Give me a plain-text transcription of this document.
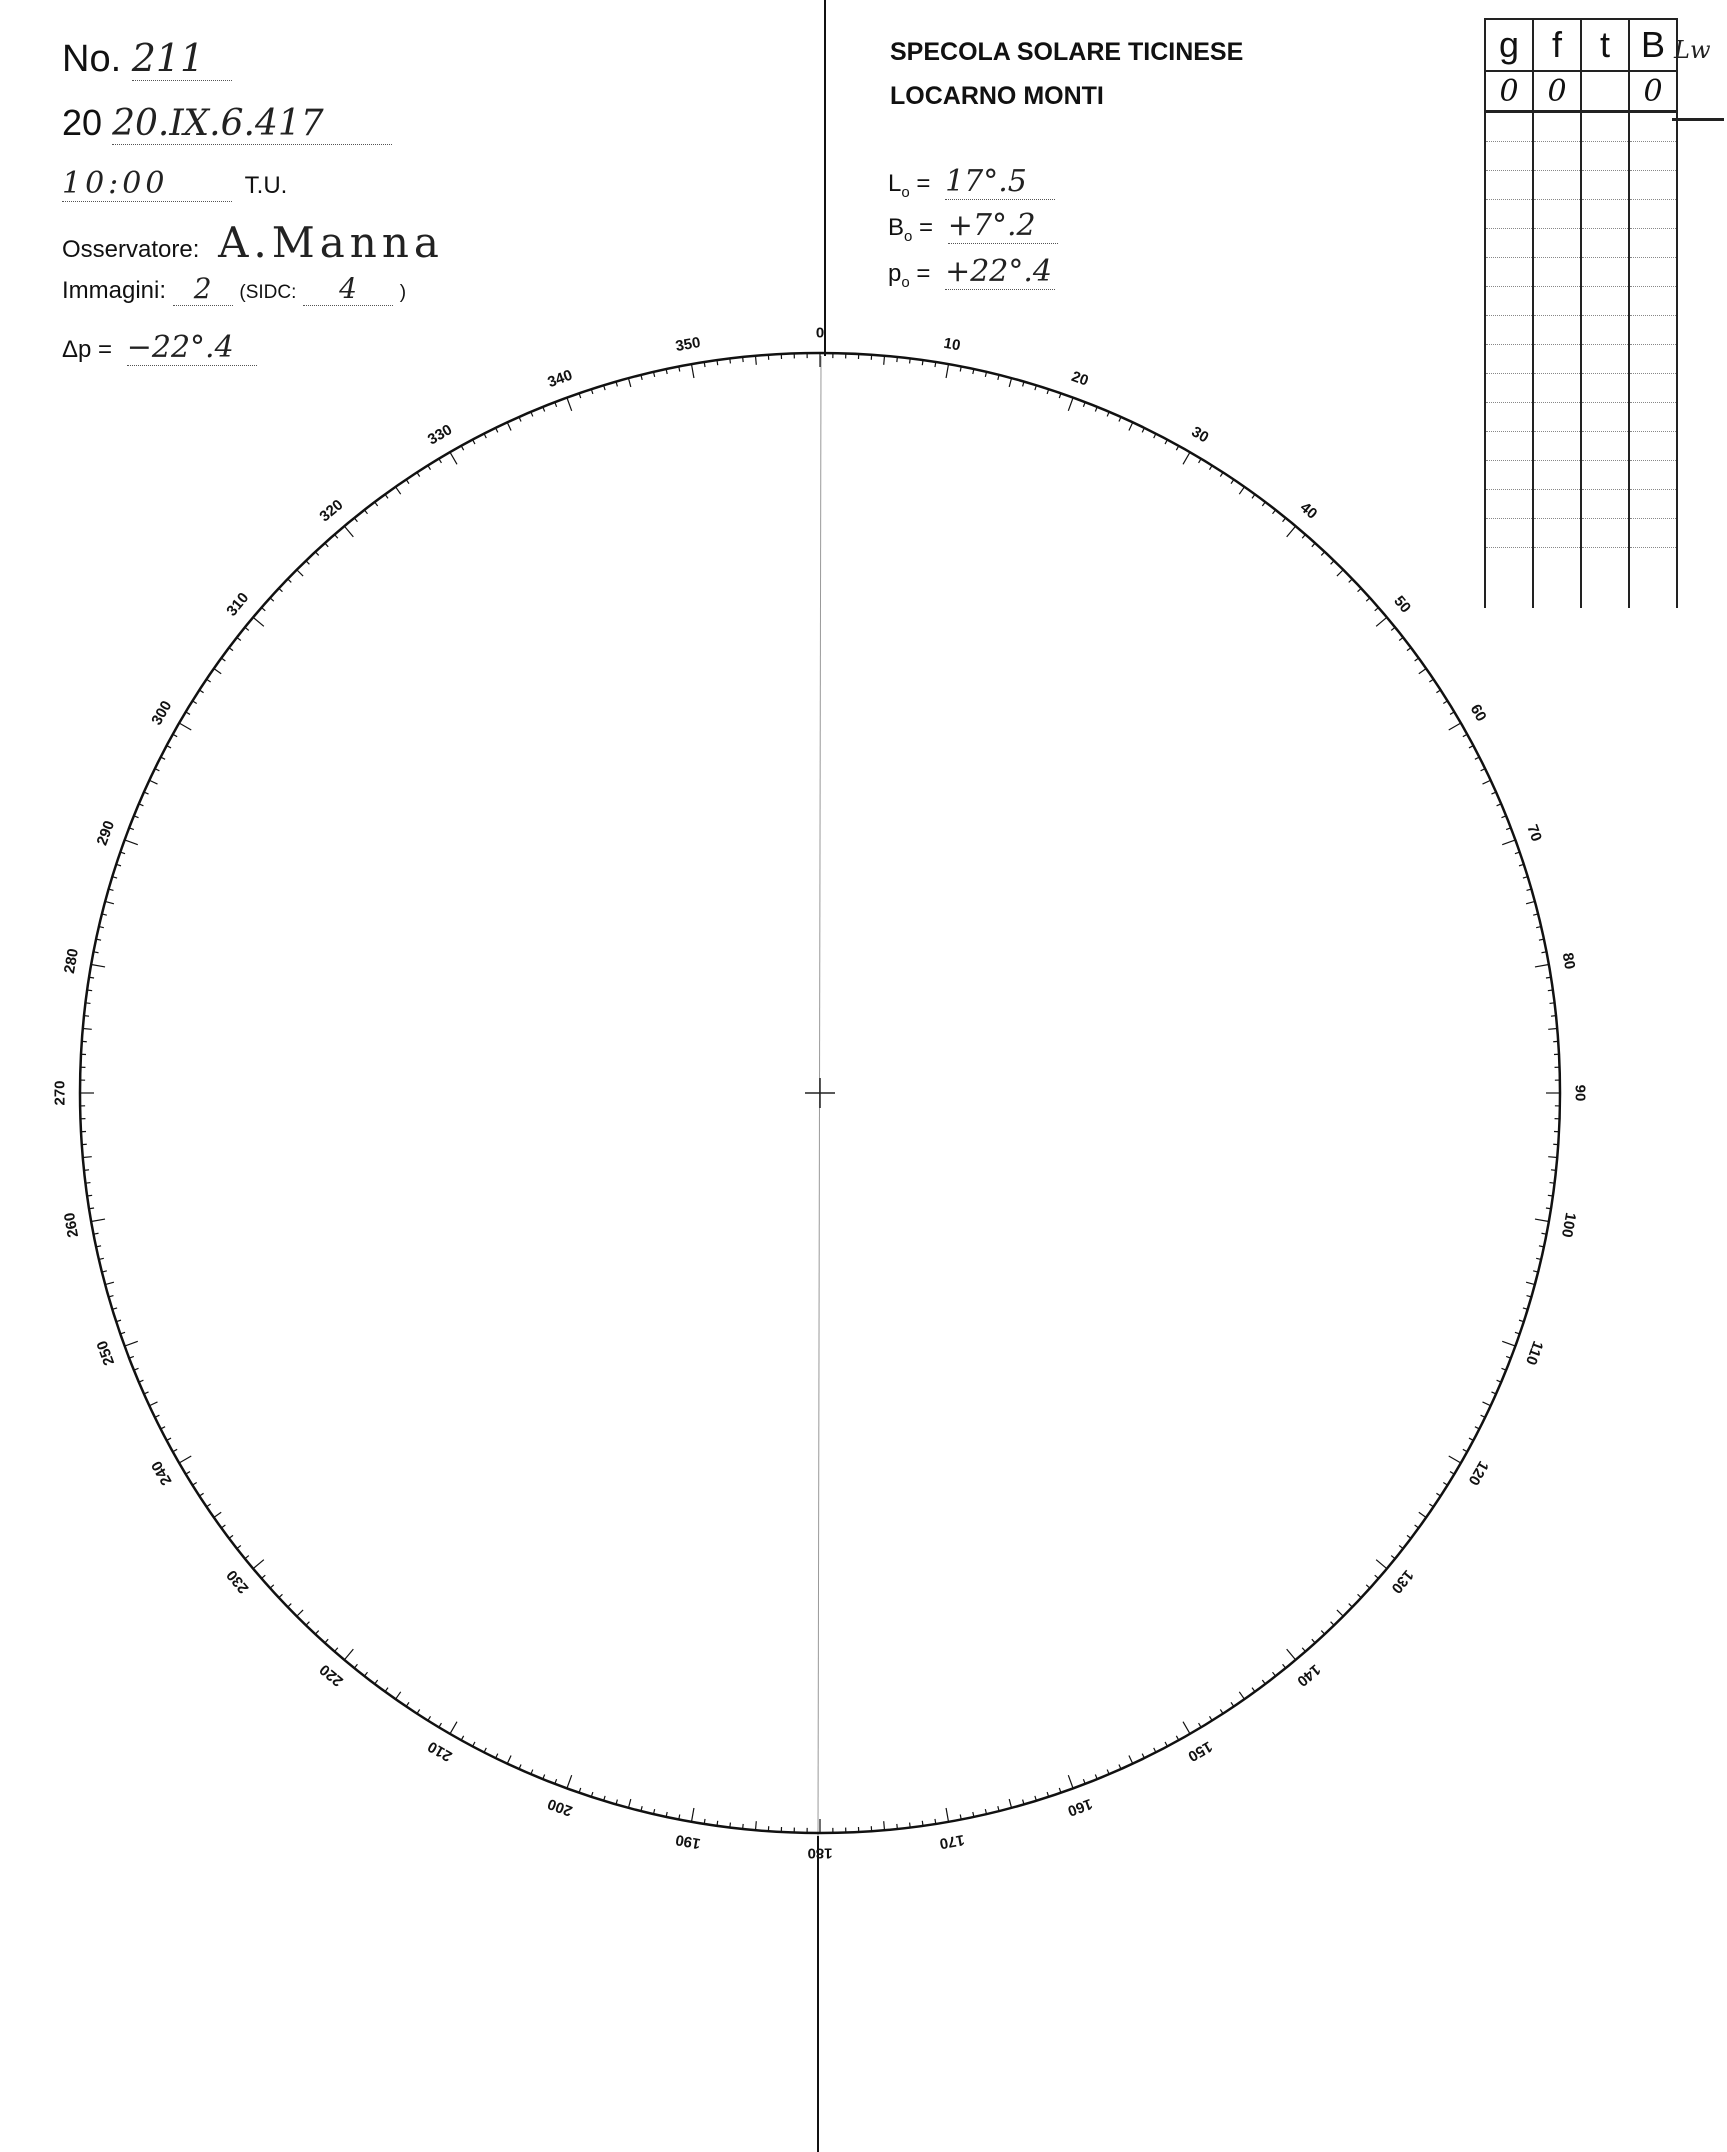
No. 211
20 20.IX.6.417
10:00	T.U.
Osservatore: A.Manna
Immagini: 2 (SIDC: 4 )
Δp = −22°.4
SPECOLA SOLARE TICINESE
LOCARNO MONTI
$L_o = 17^\circ.5$
$B_o = +7^\circ.2$
$p_o = +22^\circ.4$
g	f	t	B
0	0		0

Lw
0
10
20
30
40
50
60
70
80
90
100
110
120
130
140
150
160
170
180
190
200
210
220
230
240
250
260
270
280
290
300
310
320
330
340
350
